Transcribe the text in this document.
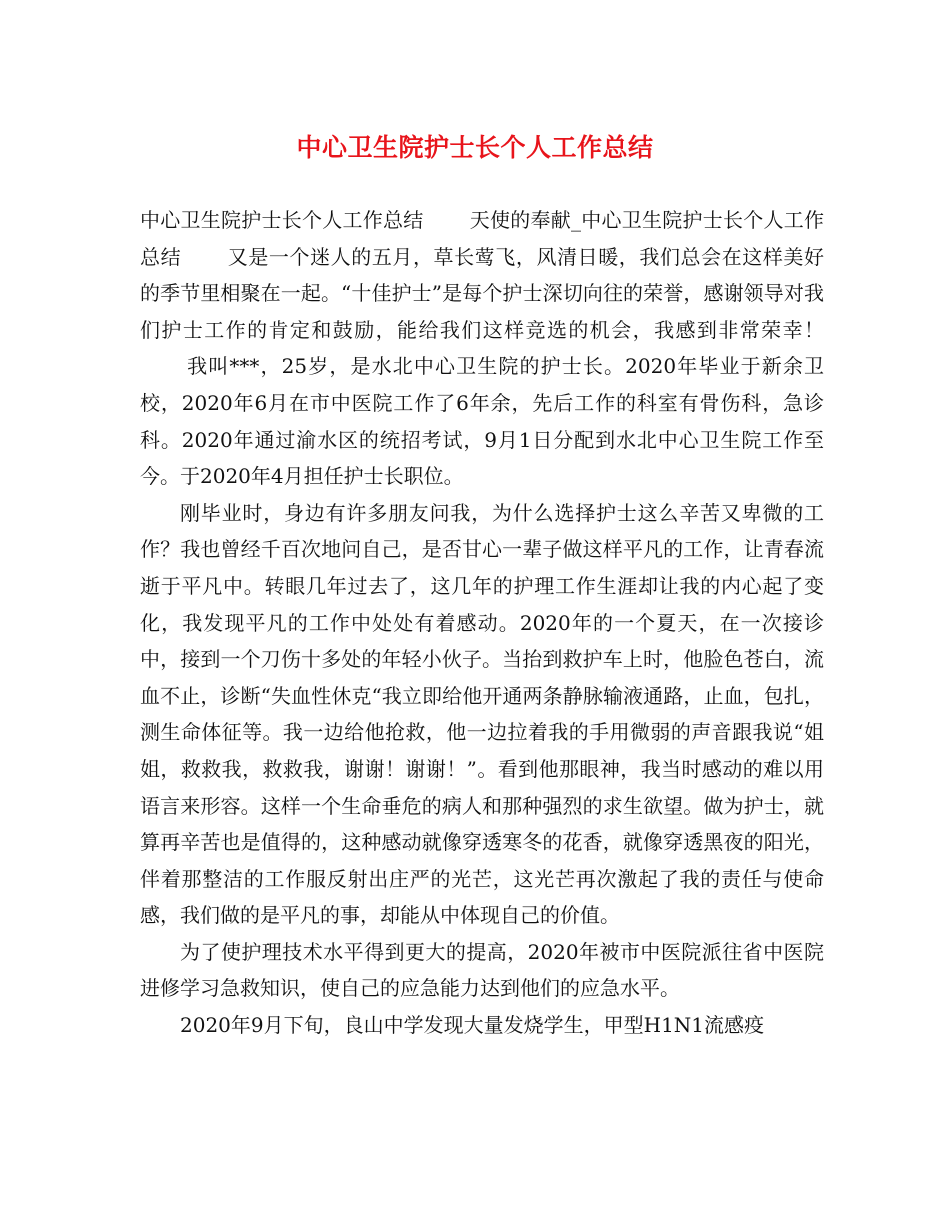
中心卫生院护士长个人工作总结

中心卫生院护士长个人工作总结 天使的奉献_中心卫生院护士长个人工作总结 又是一个迷人的五月，草长莺飞，风清日暖，我们总会在这样美好的季节里相聚在一起。“十佳护士”是每个护士深切向往的荣誉，感谢领导对我们护士工作的肯定和鼓励，能给我们这样竞选的机会，我感到非常荣幸！我叫***，25岁，是水北中心卫生院的护士长。2020年毕业于新余卫校，2020年6月在市中医院工作了6年余，先后工作的科室有骨伤科，急诊科。2020年通过渝水区的统招考试，9月1日分配到水北中心卫生院工作至今。于2020年4月担任护士长职位。

刚毕业时，身边有许多朋友问我，为什么选择护士这么辛苦又卑微的工作？我也曾经千百次地问自己，是否甘心一辈子做这样平凡的工作，让青春流逝于平凡中。转眼几年过去了，这几年的护理工作生涯却让我的内心起了变化，我发现平凡的工作中处处有着感动。2020年的一个夏天，在一次接诊中，接到一个刀伤十多处的年轻小伙子。当抬到救护车上时，他脸色苍白，流血不止，诊断“失血性休克“我立即给他开通两条静脉输液通路，止血，包扎，测生命体征等。我一边给他抢救，他一边拉着我的手用微弱的声音跟我说“姐姐，救救我，救救我，谢谢！谢谢！”。看到他那眼神，我当时感动的难以用语言来形容。这样一个生命垂危的病人和那种强烈的求生欲望。做为护士，就算再辛苦也是值得的，这种感动就像穿透寒冬的花香，就像穿透黑夜的阳光，伴着那整洁的工作服反射出庄严的光芒，这光芒再次激起了我的责任与使命感，我们做的是平凡的事，却能从中体现自己的价值。

为了使护理技术水平得到更大的提高，2020年被市中医院派往省中医院进修学习急救知识，使自己的应急能力达到他们的应急水平。

2020年9月下旬，良山中学发现大量发烧学生，甲型H1N1流感疫
